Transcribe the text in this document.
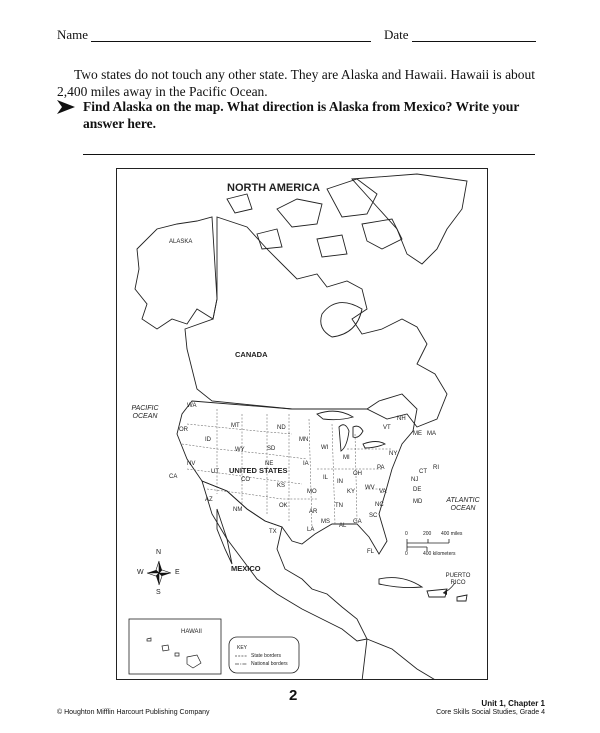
Name	Date
Two states do not touch any other state. They are Alaska and Hawaii. Hawaii is about 2,400 miles away in the Pacific Ocean.
Find Alaska on the map. What direction is Alaska from Mexico? Write your answer here.
NORTH AMERICA
ALASKA
CANADA
UNITED STATES
MEXICO
HAWAII
PUERTO RICO
PACIFIC OCEAN
ATLANTIC OCEAN
WA
OR
CA
ID
NV
MT
WY
UT
AZ
CO
NM
ND
SD
NE
KS
OK
TX
MN
IA
MO
AR
LA
WI
IL
MS
MI
IN
KY
TN
AL
OH
GA
FL
SC
NC
WV
VA
PA
NY
VT
NH
ME MA
CT
RI
NJ
DE
MD
N
S
E
W
0	200 400 miles
0	400 kilometers
KEY
State borders
National borders
2
© Houghton Mifflin Harcourt Publishing Company
Unit 1, Chapter 1
Core Skills Social Studies, Grade 4
